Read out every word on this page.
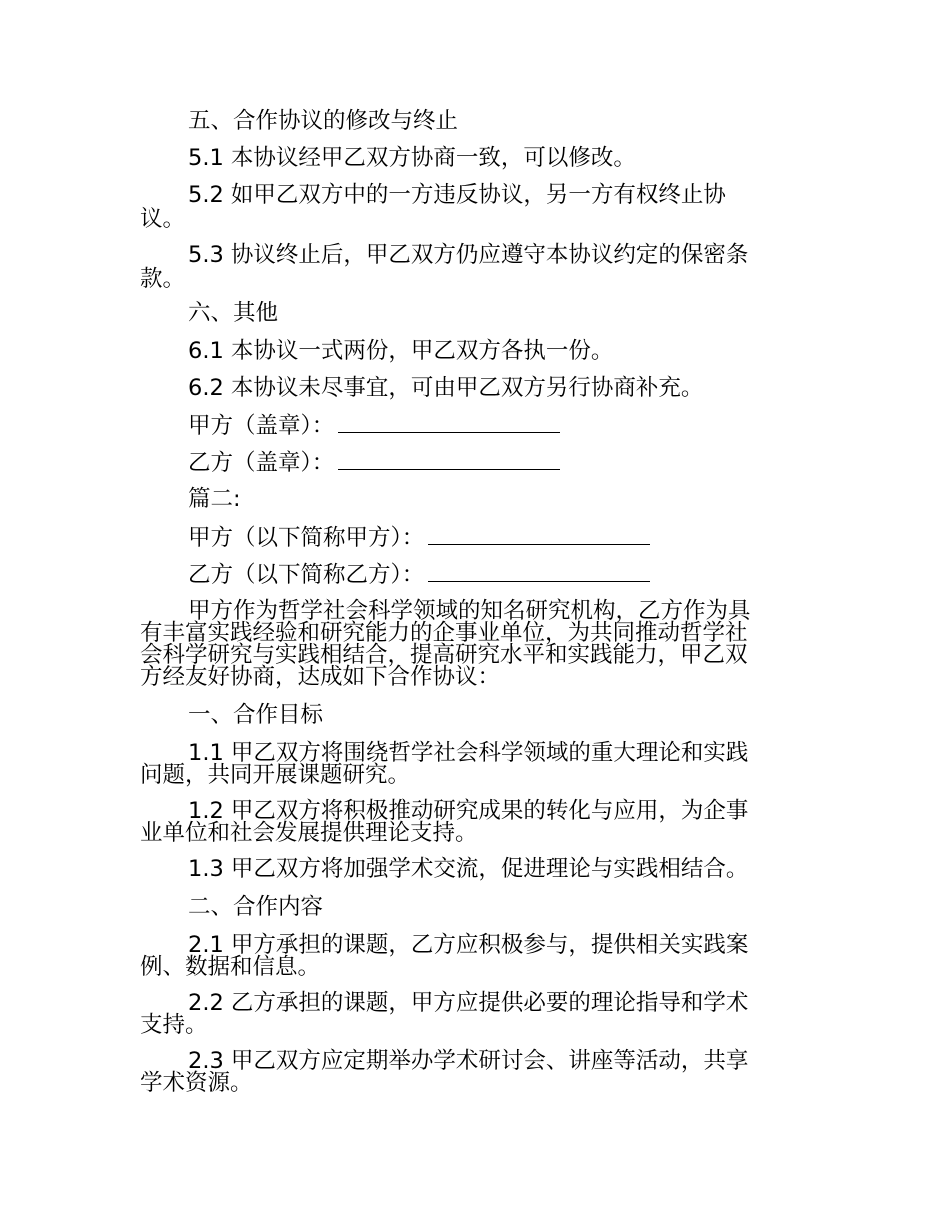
五、合作协议的修改与终止
5.1 本协议经甲乙双方协商一致，可以修改。
5.2 如甲乙双方中的一方违反协议，另一方有权终止协
议。
5.3 协议终止后，甲乙双方仍应遵守本协议约定的保密条
款。
六、其他
6.1 本协议一式两份，甲乙双方各执一份。
6.2 本协议未尽事宜，可由甲乙双方另行协商补充。
甲方（盖章）：
乙方（盖章）：
篇二:
甲方（以下简称甲方）：
乙方（以下简称乙方）：
甲方作为哲学社会科学领域的知名研究机构，乙方作为具
有丰富实践经验和研究能力的企事业单位，为共同推动哲学社
会科学研究与实践相结合，提高研究水平和实践能力，甲乙双
方经友好协商，达成如下合作协议：
一、合作目标
1.1 甲乙双方将围绕哲学社会科学领域的重大理论和实践
问题，共同开展课题研究。
1.2 甲乙双方将积极推动研究成果的转化与应用，为企事
业单位和社会发展提供理论支持。
1.3 甲乙双方将加强学术交流，促进理论与实践相结合。
二、合作内容
2.1 甲方承担的课题，乙方应积极参与，提供相关实践案
例、数据和信息。
2.2 乙方承担的课题，甲方应提供必要的理论指导和学术
支持。
2.3 甲乙双方应定期举办学术研讨会、讲座等活动，共享
学术资源。
